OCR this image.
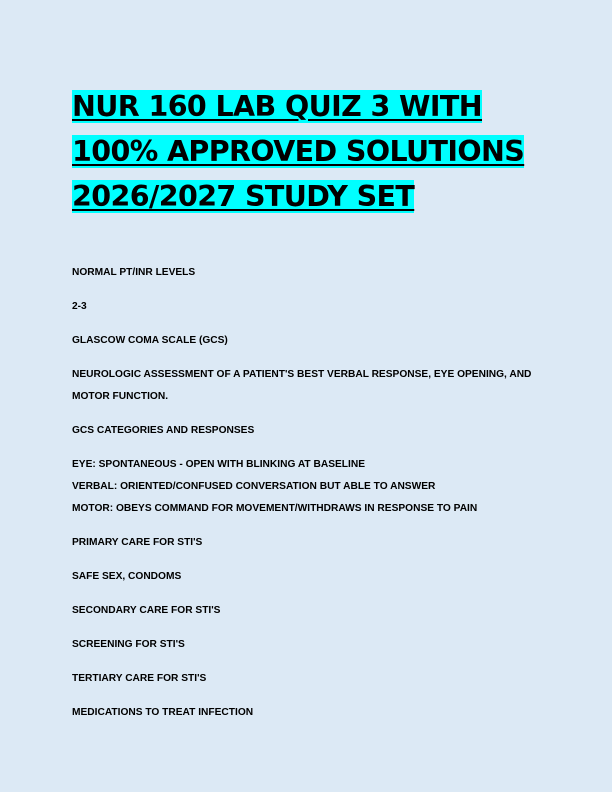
NUR 160 LAB QUIZ 3 WITH
100% APPROVED SOLUTIONS
2026/2027 STUDY SET
NORMAL PT/INR LEVELS
2-3
GLASCOW COMA SCALE (GCS)
NEUROLOGIC ASSESSMENT OF A PATIENT'S BEST VERBAL RESPONSE, EYE OPENING, AND
MOTOR FUNCTION.
GCS CATEGORIES AND RESPONSES
EYE: SPONTANEOUS - OPEN WITH BLINKING AT BASELINE
VERBAL: ORIENTED/CONFUSED CONVERSATION BUT ABLE TO ANSWER
MOTOR: OBEYS COMMAND FOR MOVEMENT/WITHDRAWS IN RESPONSE TO PAIN
PRIMARY CARE FOR STI'S
SAFE SEX, CONDOMS
SECONDARY CARE FOR STI'S
SCREENING FOR STI'S
TERTIARY CARE FOR STI'S
MEDICATIONS TO TREAT INFECTION
